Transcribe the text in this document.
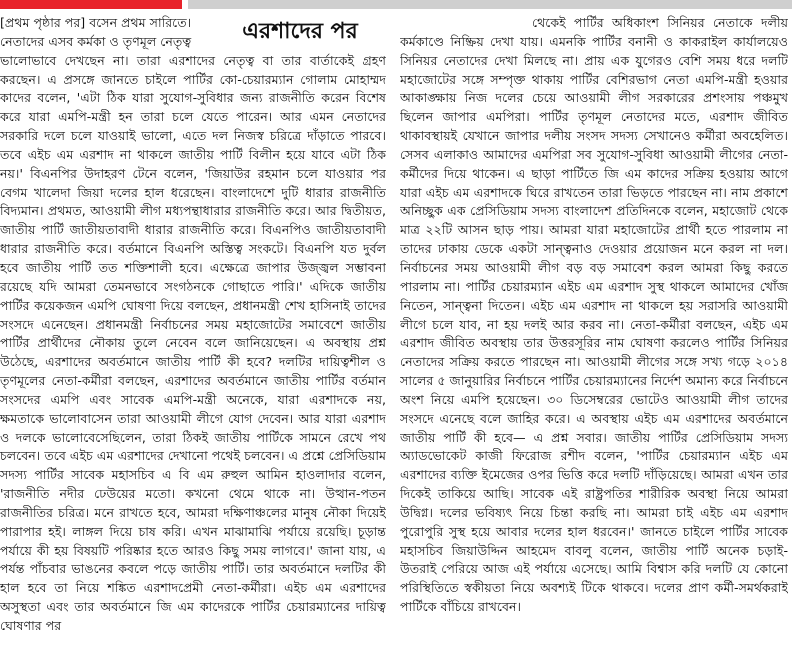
[প্রথম পৃষ্ঠার পর] বসেন প্রথম সারিতে। নেতাদের এসব কর্মকা ও তৃণমূল নেতৃত্ব	এরশাদের পর

ভালোভাবে দেখছেন না। তারা এরশাদের নেতৃত্ব বা তার বার্তাকেই গ্রহণ করছেন। এ প্রসঙ্গে জানতে চাইলে পার্টির কো-চেয়ারম্যান গোলাম মোহাম্মদ কাদের বলেন, 'এটা ঠিক যারা সুযোগ-সুবিধার জন্য রাজনীতি করেন বিশেষ করে যারা এমপি-মন্ত্রী হন তারা চলে যেতে পারেন। আর এমন নেতাদের সরকারি দলে চলে যাওয়াই ভালো, এতে দল নিজস্ব চরিত্রে দাঁড়াতে পারবে। তবে এইচ এম এরশাদ না থাকলে জাতীয় পার্টি বিলীন হয়ে যাবে এটা ঠিক নয়।' বিএনপির উদাহরণ টেনে বলেন, 'জিয়াউর রহমান চলে যাওয়ার পর বেগম খালেদা জিয়া দলের হাল ধরেছেন। বাংলাদেশে দুটি ধারার রাজনীতি বিদ্যমান। প্রথমত, আওয়ামী লীগ মধ্যপন্থাধারার রাজনীতি করে। আর দ্বিতীয়ত, জাতীয় পার্টি জাতীয়তাবাদী ধারার রাজনীতি করে। বিএনপিও জাতীয়তাবাদী ধারার রাজনীতি করে। বর্তমানে বিএনপি অস্তিত্ব সংকটে। বিএনপি যত দুর্বল হবে জাতীয় পার্টি তত শক্তিশালী হবে। এক্ষেত্রে জাপার উজ্জ্বল সম্ভাবনা রয়েছে যদি আমরা তেমনভাবে সংগঠনকে গোছাতে পারি।' এদিকে জাতীয় পার্টির কয়েকজন এমপি ঘোষণা দিয়ে বলছেন, প্রধানমন্ত্রী শেখ হাসিনাই তাদের সংসদে এনেছেন। প্রধানমন্ত্রী নির্বাচনের সময় মহাজোটের সমাবেশে জাতীয় পার্টির প্রার্থীদের নৌকায় তুলে নেবেন বলে জানিয়েছেন। এ অবস্থায় প্রশ্ন উঠেছে, এরশাদের অবর্তমানে জাতীয় পার্টি কী হবে? দলটির দায়িত্বশীল ও তৃণমূলের নেতা-কর্মীরা বলছেন, এরশাদের অবর্তমানে জাতীয় পার্টির বর্তমান সংসদের এমপি এবং সাবেক এমপি-মন্ত্রী অনেকে, যারা এরশাদকে নয়, ক্ষমতাকে ভালোবাসেন তারা আওয়ামী লীগে যোগ দেবেন। আর যারা এরশাদ ও দলকে ভালোবেসেছিলেন, তারা ঠিকই জাতীয় পার্টিকে সামনে রেখে পথ চলবেন। তবে এইচ এম এরশাদের দেখানো পথেই চলবেন। এ প্রশ্নে প্রেসিডিয়াম সদস্য পার্টির সাবেক মহাসচিব এ বি এম রুহুল আমিন হাওলাদার বলেন, 'রাজনীতি নদীর ঢেউয়ের মতো। কখনো থেমে থাকে না। উত্থান-পতন রাজনীতির চরিত্র। মনে রাখতে হবে, আমরা দক্ষিণাঞ্চলের মানুষ নৌকা দিয়েই পারাপার হই। লাঙ্গল দিয়ে চাষ করি। এখন মাঝামাঝি পর্যায়ে রয়েছি। চূড়ান্ত পর্যায়ে কী হয় বিষয়টি পরিষ্কার হতে আরও কিছু সময় লাগবে।' জানা যায়, এ পর্যন্ত পাঁচবার ভাঙনের কবলে পড়ে জাতীয় পার্টি। তার অবর্তমানে দলটির কী হাল হবে তা নিয়ে শঙ্কিত এরশাদপ্রেমী নেতা-কর্মীরা। এইচ এম এরশাদের অসুস্থতা এবং তার অবর্তমানে জি এম কাদেরকে পার্টির চেয়ারম্যানের দায়িত্ব ঘোষণার পর

থেকেই পার্টির অধিকাংশ সিনিয়র নেতাকে দলীয় কর্মকাণ্ডে নিষ্ক্রিয় দেখা যায়। এমনকি পার্টির বনানী ও কাকরাইল কার্যালয়েও সিনিয়র নেতাদের দেখা মিলছে না। প্রায় এক যুগেরও বেশি সময় ধরে দলটি মহাজোটের সঙ্গে সম্পৃক্ত থাকায় পার্টির বেশিরভাগ নেতা এমপি-মন্ত্রী হওয়ার আকাঙ্ক্ষায় নিজ দলের চেয়ে আওয়ামী লীগ সরকারের প্রশংসায় পঞ্চমুখ ছিলেন জাপার এমপিরা। পার্টির তৃণমূল নেতাদের মতে, এরশাদ জীবিত থাকাবস্থায়ই যেখানে জাপার দলীয় সংসদ সদস্য সেখানেও কর্মীরা অবহেলিত। সেসব এলাকাও আমাদের এমপিরা সব সুযোগ-সুবিধা আওয়ামী লীগের নেতা-কর্মীদের দিয়ে থাকেন। এ ছাড়া পার্টিতে জি এম কাদের সক্রিয় হওয়ায় আগে যারা এইচ এম এরশাদকে ঘিরে রাখতেন তারা ভিড়তে পারছেন না। নাম প্রকাশে অনিচ্ছুক এক প্রেসিডিয়াম সদস্য বাংলাদেশ প্রতিদিনকে বলেন, মহাজোট থেকে মাত্র ২২টি আসন ছাড় পায়। আমরা যারা মহাজোটের প্রার্থী হতে পারলাম না তাদের ঢাকায় ডেকে একটা সান্ত্বনাও দেওয়ার প্রয়োজন মনে করল না দল। নির্বাচনের সময় আওয়ামী লীগ বড় বড় সমাবেশ করল আমরা কিছু করতে পারলাম না। পার্টির চেয়ারম্যান এইচ এম এরশাদ সুস্থ থাকলে আমাদের খোঁজ নিতেন, সান্ত্বনা দিতেন। এইচ এম এরশাদ না থাকলে হয় সরাসরি আওয়ামী লীগে চলে যাব, না হয় দলই আর করব না। নেতা-কর্মীরা বলছেন, এইচ এম এরশাদ জীবিত অবস্থায় তার উত্তরসূরির নাম ঘোষণা করলেও পার্টির সিনিয়র নেতাদের সক্রিয় করতে পারছেন না। আওয়ামী লীগের সঙ্গে সখ্য গড়ে ২০১৪ সালের ৫ জানুয়ারির নির্বাচনে পার্টির চেয়ারম্যানের নির্দেশ অমান্য করে নির্বাচনে অংশ নিয়ে এমপি হয়েছেন। ৩০ ডিসেম্বরের ভোটেও আওয়ামী লীগ তাদের সংসদে এনেছে বলে জাহির করে। এ অবস্থায় এইচ এম এরশাদের অবর্তমানে জাতীয় পার্টি কী হবে— এ প্রশ্ন সবার। জাতীয় পার্টির প্রেসিডিয়াম সদস্য অ্যাডভোকেট কাজী ফিরোজ রশীদ বলেন, 'পার্টির চেয়ারম্যান এইচ এম এরশাদের ব্যক্তি ইমেজের ওপর ভিত্তি করে দলটি দাঁড়িয়েছে। আমরা এখন তার দিকেই তাকিয়ে আছি। সাবেক এই রাষ্ট্রপতির শারীরিক অবস্থা নিয়ে আমরা উদ্বিগ্ন। দলের ভবিষ্যৎ নিয়ে চিন্তা করছি না। আমরা চাই এইচ এম এরশাদ পুরোপুরি সুস্থ হয়ে আবার দলের হাল ধরবেন।' জানতে চাইলে পার্টির সাবেক মহাসচিব জিয়াউদ্দিন আহমেদ বাবলু বলেন, জাতীয় পার্টি অনেক চড়াই-উতরাই পেরিয়ে আজ এই পর্যায়ে এসেছে। আমি বিশ্বাস করি দলটি যে কোনো পরিস্থিতিতে স্বকীয়তা নিয়ে অবশ্যই টিকে থাকবে। দলের প্রাণ কর্মী-সমর্থকরাই পার্টিকে বাঁচিয়ে রাখবেন।
